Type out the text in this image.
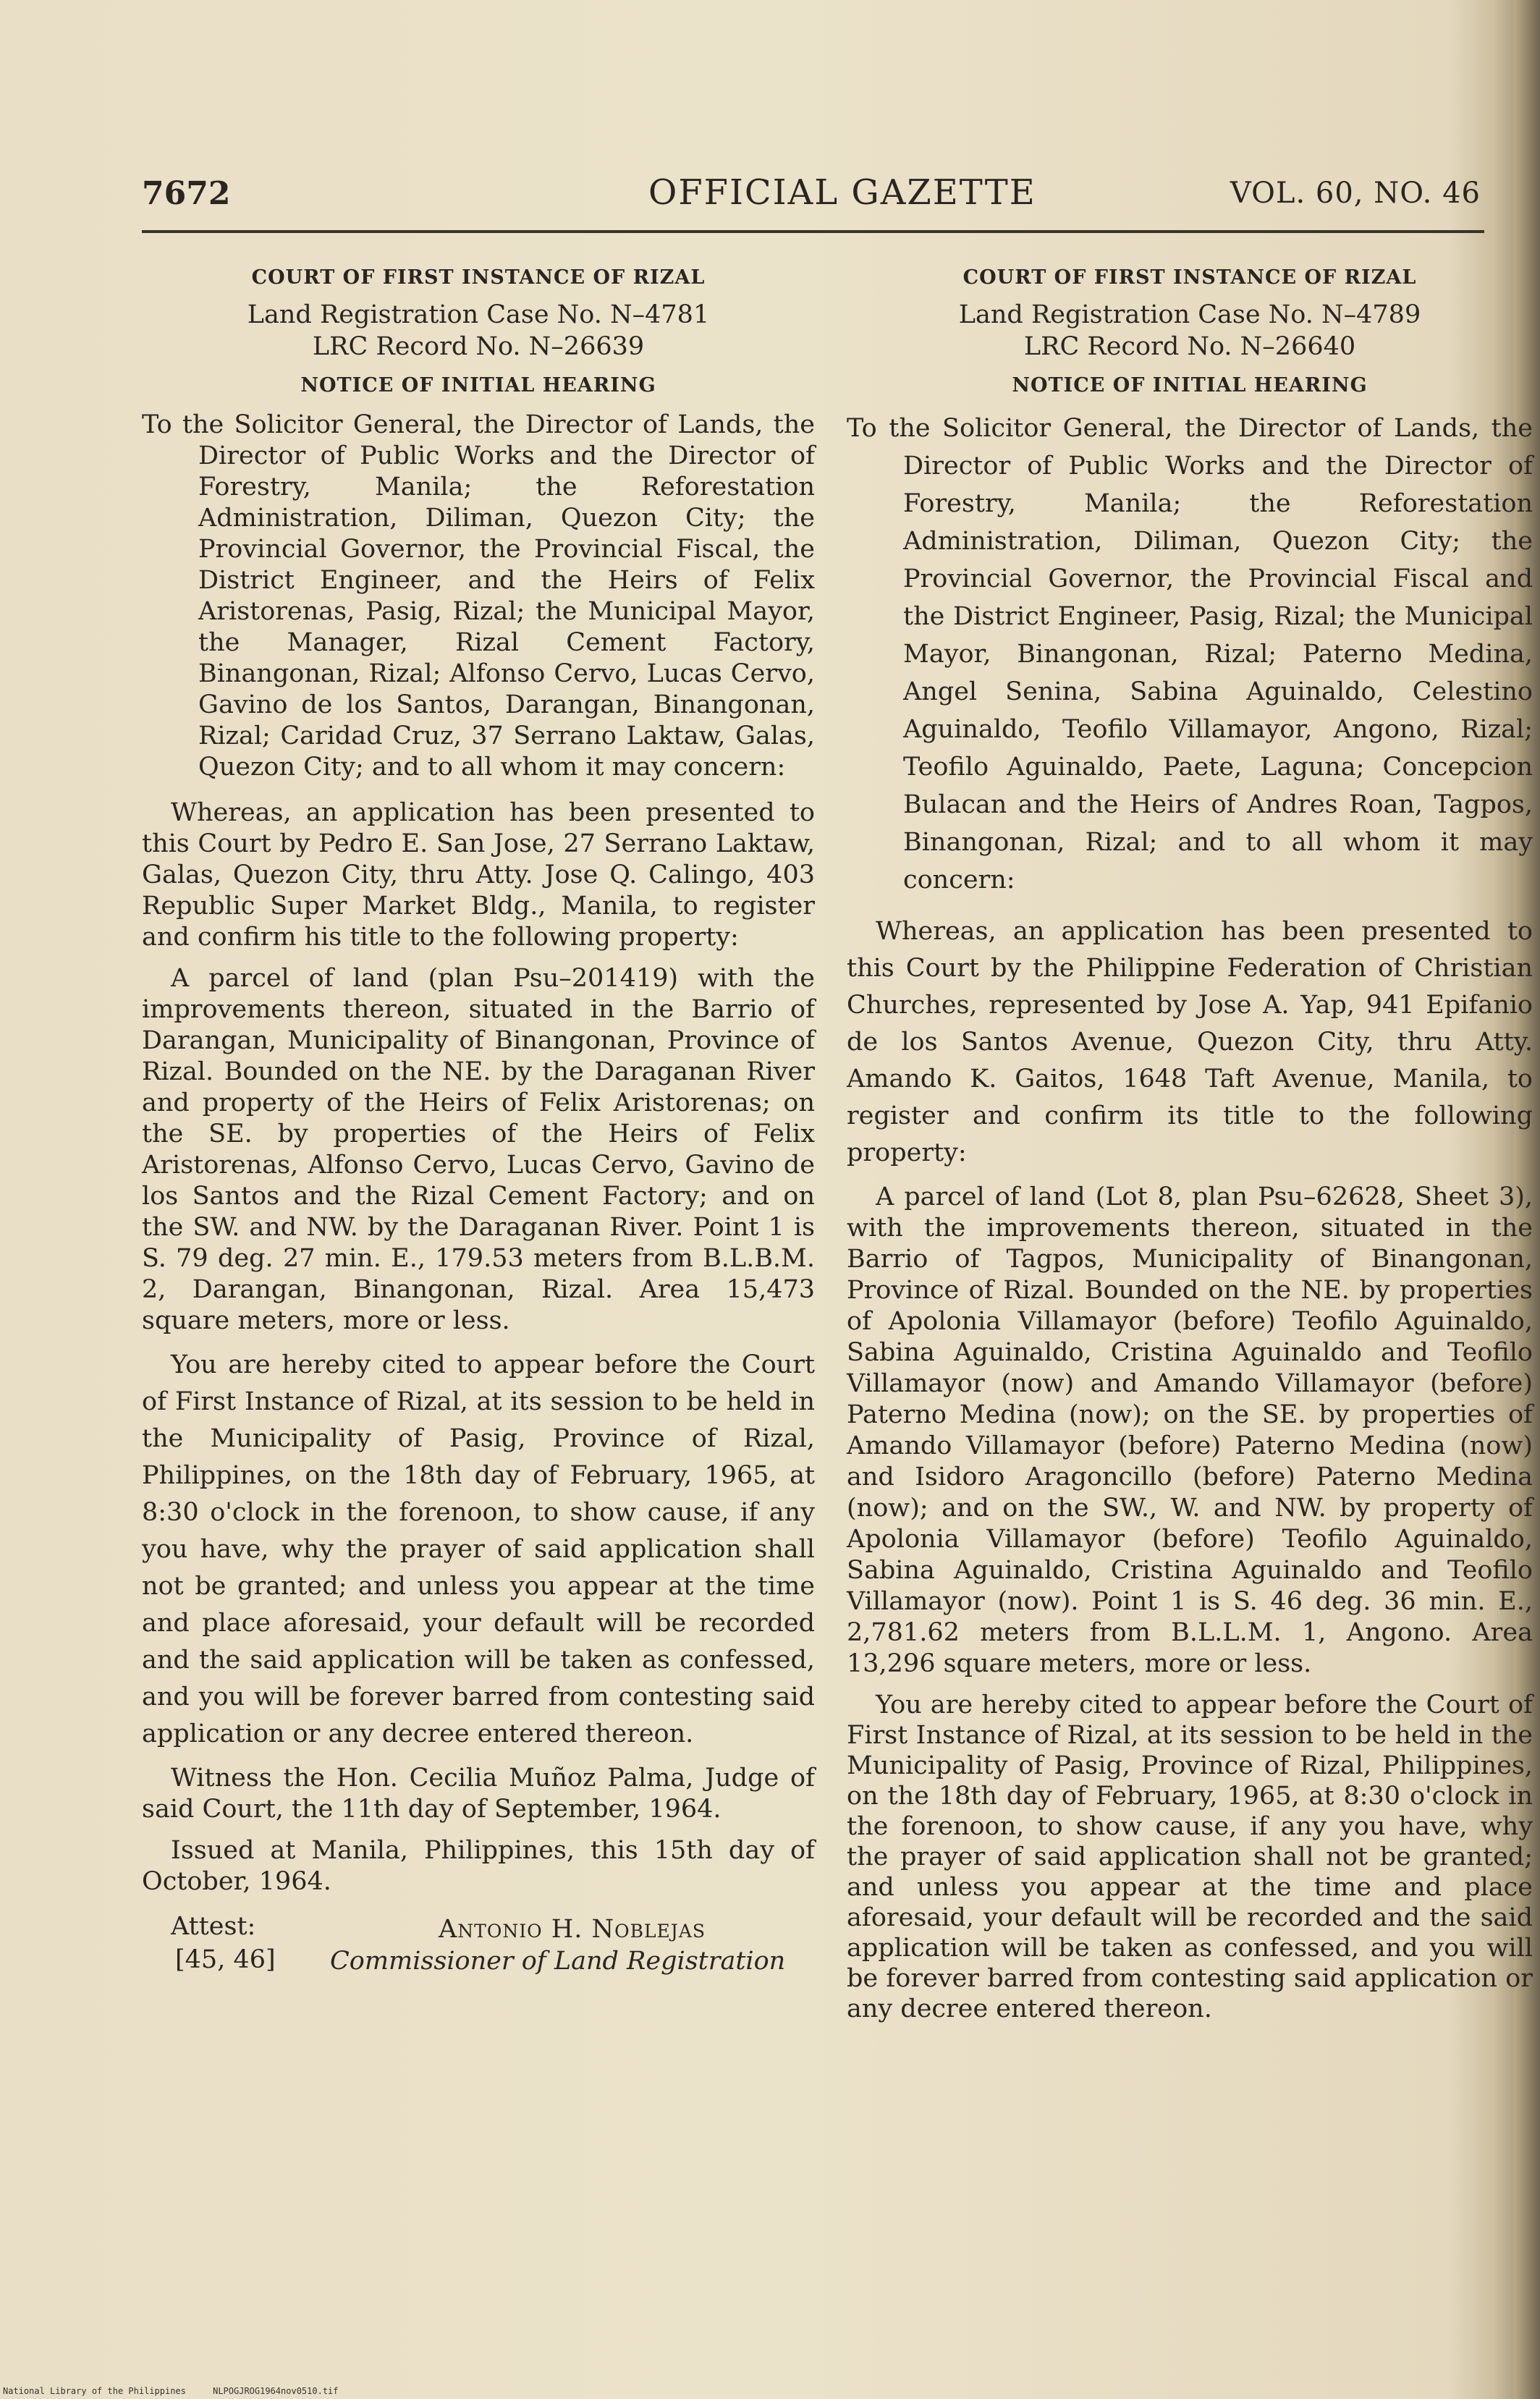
7672	OFFICIAL GAZETTE	VOL. 60, NO. 46
COURT OF FIRST INSTANCE OF RIZAL
Land Registration Case No. N–4781
LRC Record No. N–26639
NOTICE OF INITIAL HEARING
To the Solicitor General, the Director of Lands, the Director of Public Works and the Director of Forestry, Manila; the Reforestation Administration, Diliman, Quezon City; the Provincial Governor, the Provincial Fiscal, the District Engineer, and the Heirs of Felix Aristorenas, Pasig, Rizal; the Municipal Mayor, the Manager, Rizal Cement Factory, Binangonan, Rizal; Alfonso Cervo, Lucas Cervo, Gavino de los Santos, Darangan, Binangonan, Rizal; Caridad Cruz, 37 Serrano Laktaw, Galas, Quezon City; and to all whom it may concern:
Whereas, an application has been presented to this Court by Pedro E. San Jose, 27 Serrano Laktaw, Galas, Quezon City, thru Atty. Jose Q. Calingo, 403 Republic Super Market Bldg., Manila, to register and confirm his title to the following property:
A parcel of land (plan Psu–201419) with the improvements thereon, situated in the Barrio of Darangan, Municipality of Binangonan, Province of Rizal. Bounded on the NE. by the Daraganan River and property of the Heirs of Felix Aristorenas; on the SE. by properties of the Heirs of Felix Aristorenas, Alfonso Cervo, Lucas Cervo, Gavino de los Santos and the Rizal Cement Factory; and on the SW. and NW. by the Daraganan River. Point 1 is S. 79 deg. 27 min. E., 179.53 meters from B.L.B.M. 2, Darangan, Binangonan, Rizal. Area 15,473 square meters, more or less.
You are hereby cited to appear before the Court of First Instance of Rizal, at its session to be held in the Municipality of Pasig, Province of Rizal, Philippines, on the 18th day of February, 1965, at 8:30 o'clock in the forenoon, to show cause, if any you have, why the prayer of said application shall not be granted; and unless you appear at the time and place aforesaid, your default will be recorded and the said application will be taken as confessed, and you will be forever barred from contesting said application or any decree entered thereon.
Witness the Hon. Cecilia Muñoz Palma, Judge of said Court, the 11th day of September, 1964.
Issued at Manila, Philippines, this 15th day of October, 1964.
Attest:
[45, 46]
Antonio H. Noblejas
Commissioner of Land Registration
COURT OF FIRST INSTANCE OF RIZAL
Land Registration Case No. N–4789
LRC Record No. N–26640
NOTICE OF INITIAL HEARING
To the Solicitor General, the Director of Lands, the Director of Public Works and the Director of Forestry, Manila; the Reforestation Administration, Diliman, Quezon City; the Provincial Governor, the Provincial Fiscal and the District Engineer, Pasig, Rizal; the Municipal Mayor, Binangonan, Rizal; Paterno Medina, Angel Senina, Sabina Aguinaldo, Celestino Aguinaldo, Teofilo Villamayor, Angono, Rizal; Teofilo Aguinaldo, Paete, Laguna; Concepcion Bulacan and the Heirs of Andres Roan, Tagpos, Binangonan, Rizal; and to all whom it may concern:
Whereas, an application has been presented to this Court by the Philippine Federation of Christian Churches, represented by Jose A. Yap, 941 Epifanio de los Santos Avenue, Quezon City, thru Atty. Amando K. Gaitos, 1648 Taft Avenue, Manila, to register and confirm its title to the following property:
A parcel of land (Lot 8, plan Psu–62628, Sheet 3), with the improvements thereon, situated in the Barrio of Tagpos, Municipality of Binangonan, Province of Rizal. Bounded on the NE. by properties of Apolonia Villamayor (before) Teofilo Aguinaldo, Sabina Aguinaldo, Cristina Aguinaldo and Teofilo Villamayor (now) and Amando Villamayor (before) Paterno Medina (now); on the SE. by properties of Amando Villamayor (before) Paterno Medina (now) and Isidoro Aragoncillo (before) Paterno Medina (now); and on the SW., W. and NW. by property of Apolonia Villamayor (before) Teofilo Aguinaldo, Sabina Aguinaldo, Cristina Aguinaldo and Teofilo Villamayor (now). Point 1 is S. 46 deg. 36 min. E., 2,781.62 meters from B.L.L.M. 1, Angono. Area 13,296 square meters, more or less.
You are hereby cited to appear before the Court of First Instance of Rizal, at its session to be held in the Municipality of Pasig, Province of Rizal, Philippines, on the 18th day of February, 1965, at 8:30 o'clock in the forenoon, to show cause, if any you have, why the prayer of said application shall not be granted; and unless you appear at the time and place aforesaid, your default will be recorded and the said application will be taken as confessed, and you will be forever barred from contesting said application or any decree entered thereon.
National Library of the Philippines	NLPOGJROG1964nov0510.tif
